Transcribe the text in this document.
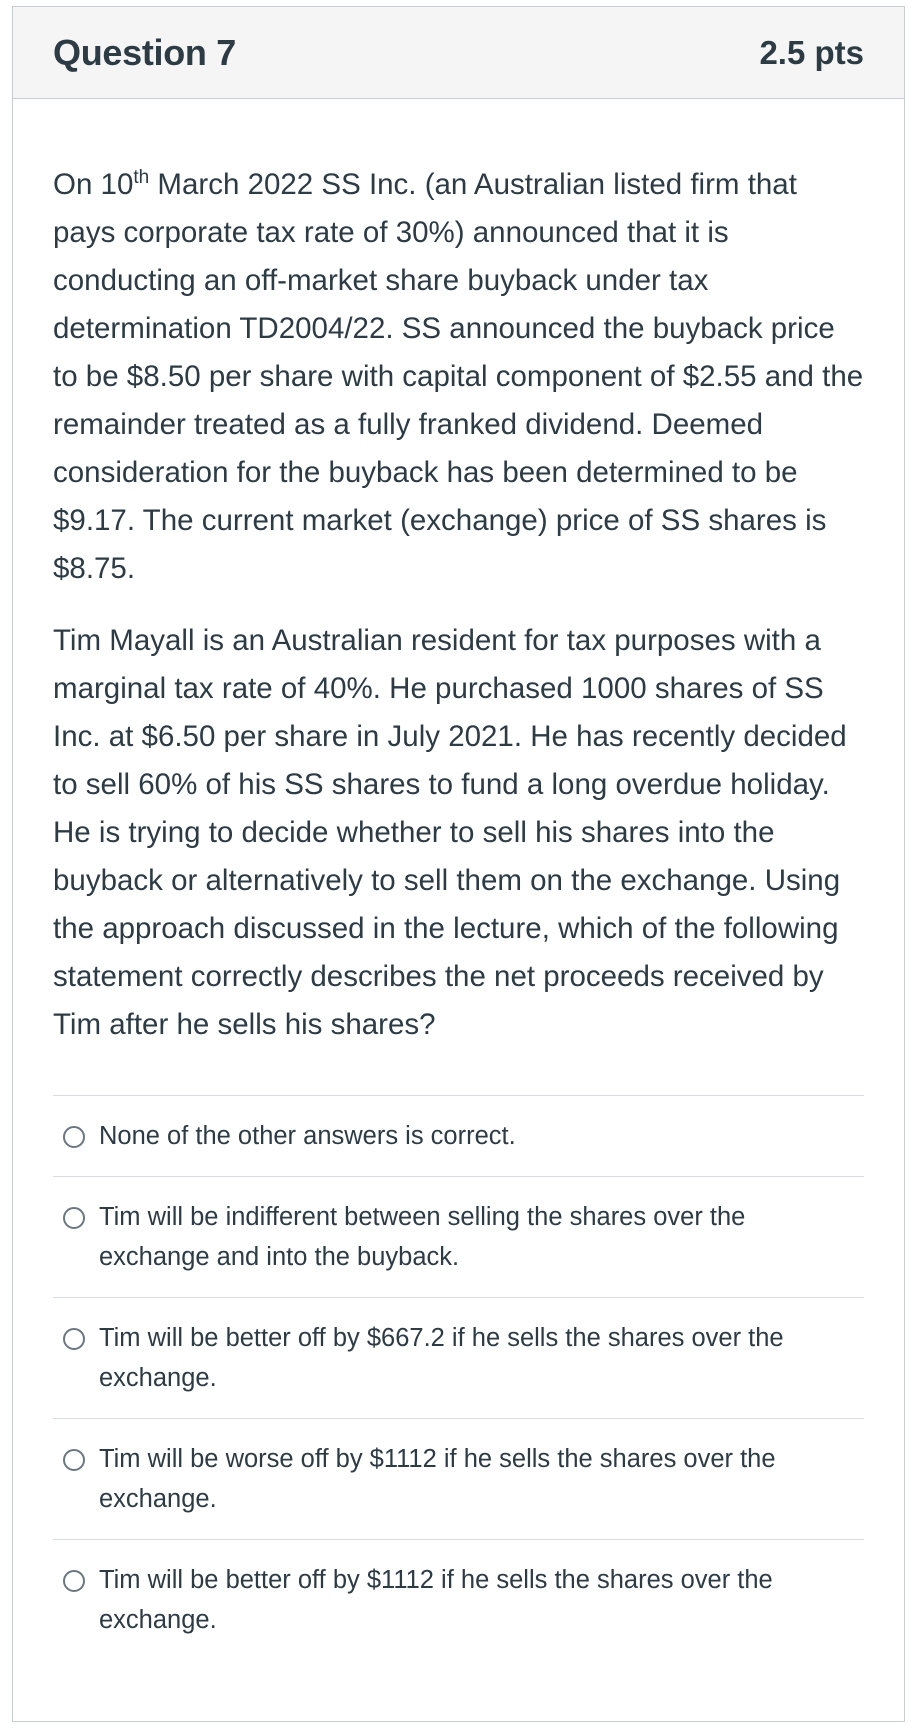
Question 7	2.5 pts

On 10th March 2022 SS Inc. (an Australian listed firm that pays corporate tax rate of 30%) announced that it is conducting an off-market share buyback under tax determination TD2004/22. SS announced the buyback price to be $8.50 per share with capital component of $2.55 and the remainder treated as a fully franked dividend. Deemed consideration for the buyback has been determined to be $9.17. The current market (exchange) price of SS shares is $8.75.

Tim Mayall is an Australian resident for tax purposes with a marginal tax rate of 40%. He purchased 1000 shares of SS Inc. at $6.50 per share in July 2021. He has recently decided to sell 60% of his SS shares to fund a long overdue holiday. He is trying to decide whether to sell his shares into the buyback or alternatively to sell them on the exchange. Using the approach discussed in the lecture, which of the following statement correctly describes the net proceeds received by Tim after he sells his shares?

None of the other answers is correct.
Tim will be indifferent between selling the shares over the exchange and into the buyback.
Tim will be better off by $667.2 if he sells the shares over the exchange.
Tim will be worse off by $1112 if he sells the shares over the exchange.
Tim will be better off by $1112 if he sells the shares over the exchange.
